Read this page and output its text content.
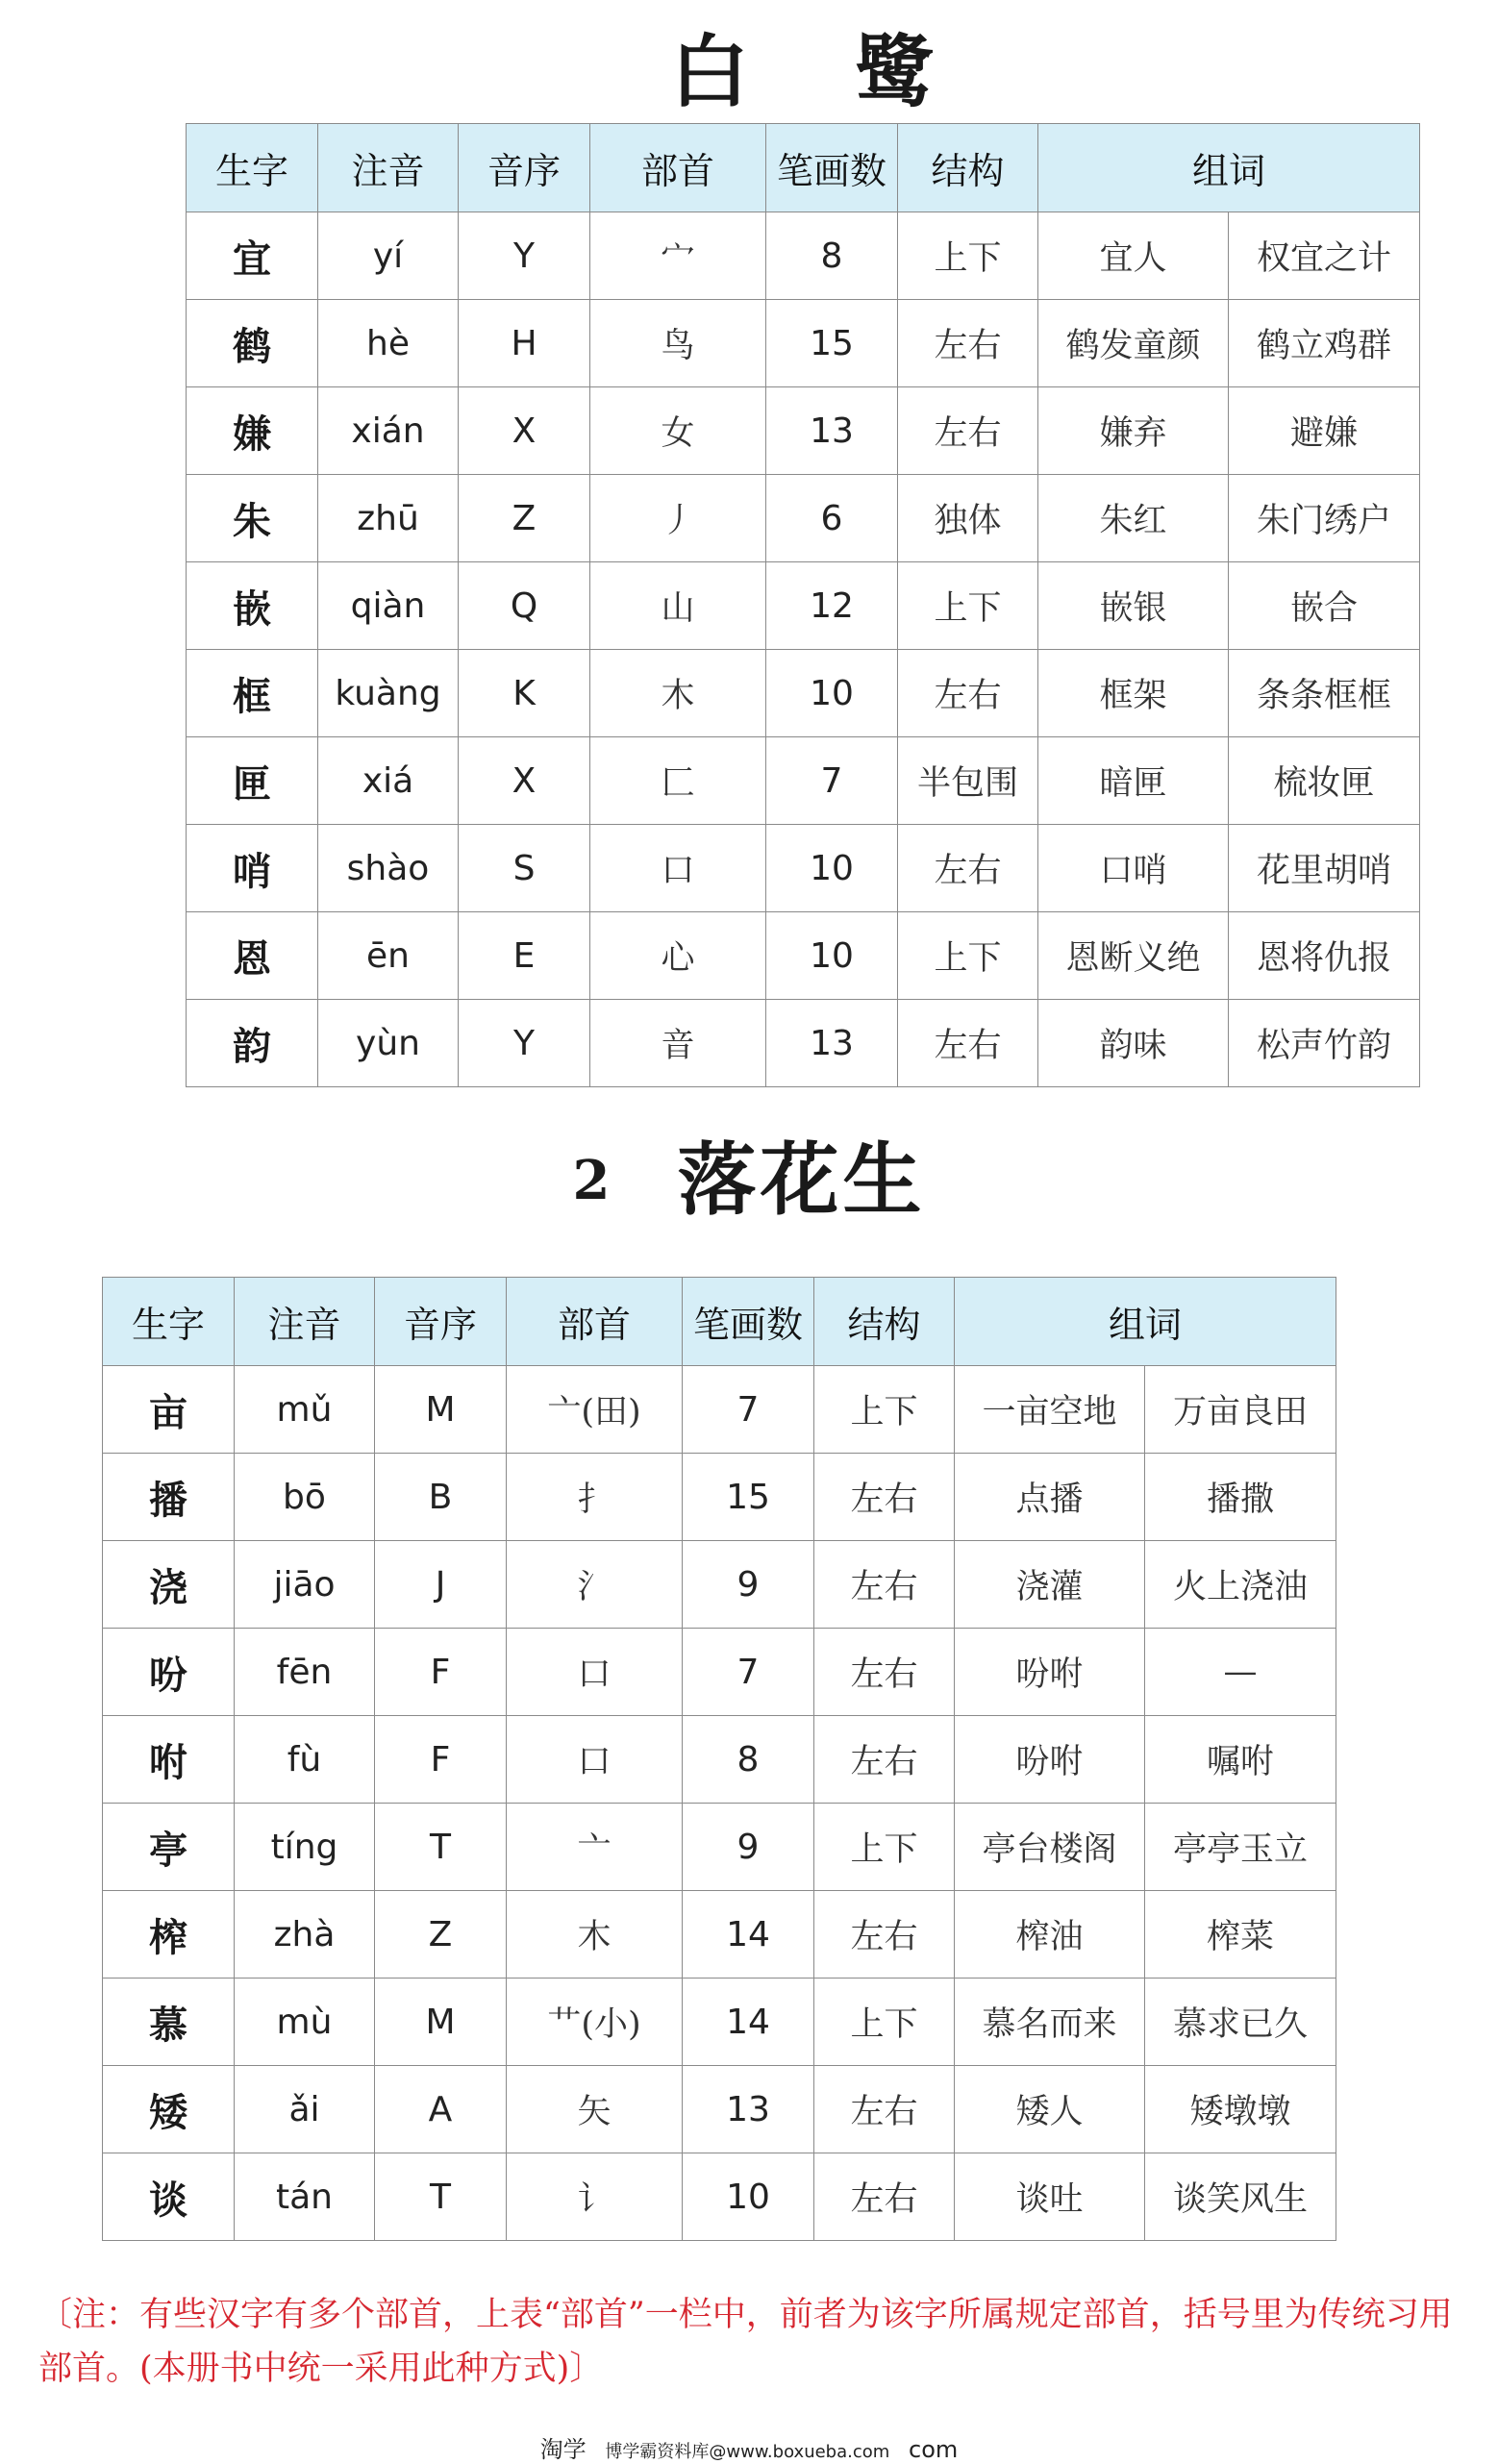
白鹭
生字	注音	音序	部首	笔画数	结构	组词	
宜	yí	Y	宀	8	上下	宜人	权宜之计
鹤	hè	H	鸟	15	左右	鹤发童颜	鹤立鸡群
嫌	xián	X	女	13	左右	嫌弃	避嫌
朱	zhū	Z	丿	6	独体	朱红	朱门绣户
嵌	qiàn	Q	山	12	上下	嵌银	嵌合
框	kuàng	K	木	10	左右	框架	条条框框
匣	xiá	X	匚	7	半包围	暗匣	梳妆匣
哨	shào	S	口	10	左右	口哨	花里胡哨
恩	ēn	E	心	10	上下	恩断义绝	恩将仇报
韵	yùn	Y	音	13	左右	韵味	松声竹韵
2 落花生
生字	注音	音序	部首	笔画数	结构	组词	
亩	mǔ	M	亠(田)	7	上下	一亩空地	万亩良田
播	bō	B	扌	15	左右	点播	播撒
浇	jiāo	J	氵	9	左右	浇灌	火上浇油
吩	fēn	F	口	7	左右	吩咐	—
咐	fù	F	口	8	左右	吩咐	嘱咐
亭	tíng	T	亠	9	上下	亭台楼阁	亭亭玉立
榨	zhà	Z	木	14	左右	榨油	榨菜
慕	mù	M	艹(小)	14	上下	慕名而来	慕求已久
矮	ǎi	A	矢	13	左右	矮人	矮墩墩
谈	tán	T	讠	10	左右	谈吐	谈笑风生
〔注：有些汉字有多个部首，上表“部首”一栏中，前者为该字所属规定部首，括号里为传统习用部首。(本册书中统一采用此种方式)〕
淘学 博学霸资料库@www.boxueba.com com
